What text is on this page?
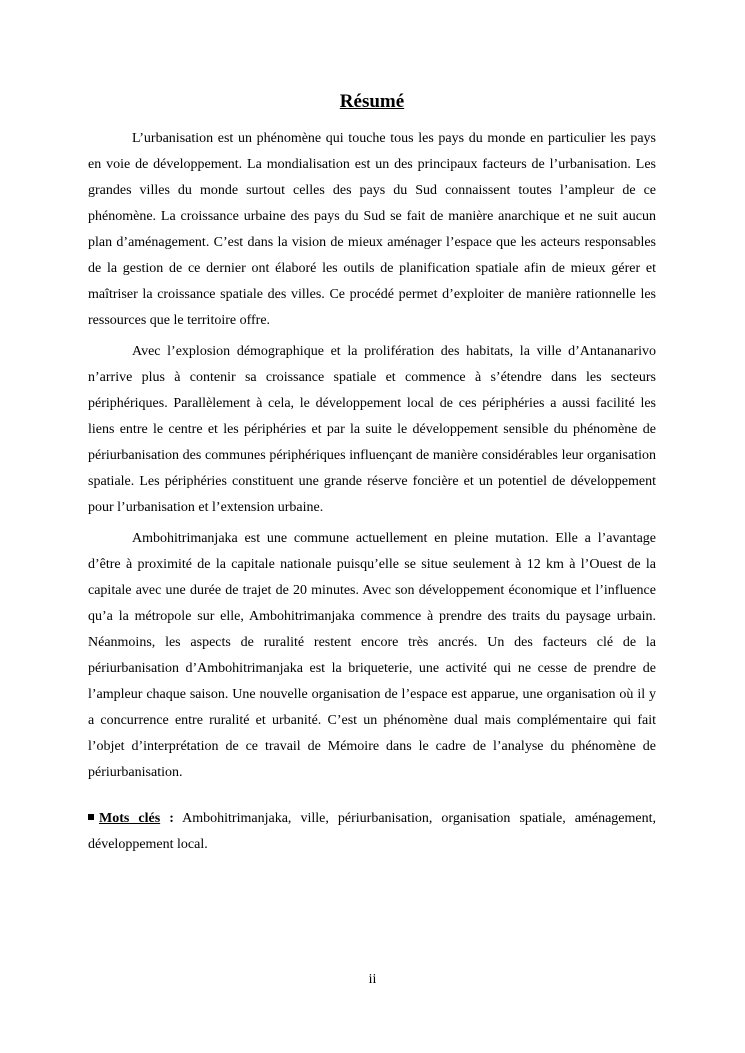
Résumé

L’urbanisation est un phénomène qui touche tous les pays du monde en particulier les pays en voie de développement. La mondialisation est un des principaux facteurs de l’urbanisation. Les grandes villes du monde surtout celles des pays du Sud connaissent toutes l’ampleur de ce phénomène. La croissance urbaine des pays du Sud se fait de manière anarchique et ne suit aucun plan d’aménagement. C’est dans la vision de mieux aménager l’espace que les acteurs responsables de la gestion de ce dernier ont élaboré les outils de planification spatiale afin de mieux gérer et maîtriser la croissance spatiale des villes. Ce procédé permet d’exploiter de manière rationnelle les ressources que le territoire offre.

Avec l’explosion démographique et la prolifération des habitats, la ville d’Antananarivo n’arrive plus à contenir sa croissance spatiale et commence à s’étendre dans les secteurs périphériques. Parallèlement à cela, le développement local de ces périphéries a aussi facilité les liens entre le centre et les périphéries et par la suite le développement sensible du phénomène de périurbanisation des communes périphériques influençant de manière considérables leur organisation spatiale. Les périphéries constituent une grande réserve foncière et un potentiel de développement pour l’urbanisation et l’extension urbaine.

Ambohitrimanjaka est une commune actuellement en pleine mutation. Elle a l’avantage d’être à proximité de la capitale nationale puisqu’elle se situe seulement à 12 km à l’Ouest de la capitale avec une durée de trajet de 20 minutes. Avec son développement économique et l’influence qu’a la métropole sur elle, Ambohitrimanjaka commence à prendre des traits du paysage urbain. Néanmoins, les aspects de ruralité restent encore très ancrés. Un des facteurs clé de la périurbanisation d’Ambohitrimanjaka est la briqueterie, une activité qui ne cesse de prendre de l’ampleur chaque saison. Une nouvelle organisation de l’espace est apparue, une organisation où il y a concurrence entre ruralité et urbanité. C’est un phénomène dual mais complémentaire qui fait l’objet d’interprétation de ce travail de Mémoire dans le cadre de l’analyse du phénomène de périurbanisation.

Mots clés : Ambohitrimanjaka, ville, périurbanisation, organisation spatiale, aménagement, développement local.

ii
